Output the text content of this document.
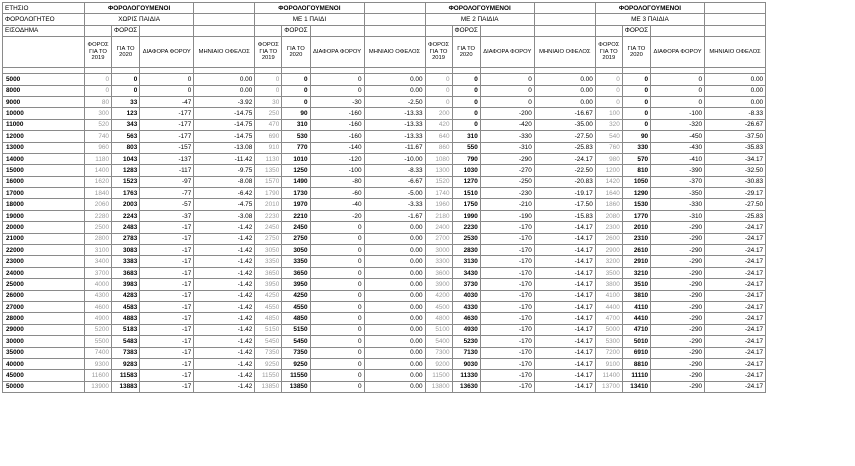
ΕΤΗΣΙΟ	ΦΟΡΟΛΟΓΟΥΜΕΝΟΙ				ΦΟΡΟΛΟΓΟΥΜΕΝΟΙ				ΦΟΡΟΛΟΓΟΥΜΕΝΟΙ				ΦΟΡΟΛΟΓΟΥΜΕΝΟΙ			
ΦΟΡΟΛΟΓΗΤΕΟ	ΧΩΡΙΣ ΠΑΙΔΙΑ				ΜΕ 1 ΠΑΙΔΙ				ΜΕ 2 ΠΑΙΔΙΑ				ΜΕ 3 ΠΑΙΔΙΑ			
ΕΙΣΟΔΗΜΑ		ΦΟΡΟΣ				ΦΟΡΟΣ				ΦΟΡΟΣ				ΦΟΡΟΣ		
	ΦΟΡΟΣ ΓΙΑ ΤΟ 2019	ΓΙΑ ΤΟ 2020	ΔΙΑΦΟΡΑ ΦΟΡΟΥ	ΜΗΝΙΑΙΟ ΟΦΕΛΟΣ	ΦΟΡΟΣ ΓΙΑ ΤΟ 2019	ΓΙΑ ΤΟ 2020	ΔΙΑΦΟΡΑ ΦΟΡΟΥ	ΜΗΝΙΑΙΟ ΟΦΕΛΟΣ	ΦΟΡΟΣ ΓΙΑ ΤΟ 2019	ΓΙΑ ΤΟ 2020	ΔΙΑΦΟΡΑ ΦΟΡΟΥ	ΜΗΝΙΑΙΟ ΟΦΕΛΟΣ	ΦΟΡΟΣ ΓΙΑ ΤΟ 2019	ΓΙΑ ΤΟ 2020	ΔΙΑΦΟΡΑ ΦΟΡΟΥ	ΜΗΝΙΑΙΟ ΟΦΕΛΟΣ

5000	0	0	0	0.00	0	0	0	0.00	0	0	0	0.00	0	0	0	0.00
8000	0	0	0	0.00	0	0	0	0.00	0	0	0	0.00	0	0	0	0.00
9000	80	33	-47	-3.92	30	0	-30	-2.50	0	0	0	0.00	0	0	0	0.00
10000	300	123	-177	-14.75	250	90	-160	-13.33	200	0	-200	-16.67	100	0	-100	-8.33
11000	520	343	-177	-14.75	470	310	-160	-13.33	420	0	-420	-35.00	320	0	-320	-26.67
12000	740	563	-177	-14.75	690	530	-160	-13.33	640	310	-330	-27.50	540	90	-450	-37.50
13000	960	803	-157	-13.08	910	770	-140	-11.67	860	550	-310	-25.83	760	330	-430	-35.83
14000	1180	1043	-137	-11.42	1130	1010	-120	-10.00	1080	790	-290	-24.17	980	570	-410	-34.17
15000	1400	1283	-117	-9.75	1350	1250	-100	-8.33	1300	1030	-270	-22.50	1200	810	-390	-32.50
16000	1620	1523	-97	-8.08	1570	1490	-80	-6.67	1520	1270	-250	-20.83	1420	1050	-370	-30.83
17000	1840	1763	-77	-6.42	1790	1730	-60	-5.00	1740	1510	-230	-19.17	1640	1290	-350	-29.17
18000	2060	2003	-57	-4.75	2010	1970	-40	-3.33	1960	1750	-210	-17.50	1860	1530	-330	-27.50
19000	2280	2243	-37	-3.08	2230	2210	-20	-1.67	2180	1990	-190	-15.83	2080	1770	-310	-25.83
20000	2500	2483	-17	-1.42	2450	2450	0	0.00	2400	2230	-170	-14.17	2300	2010	-290	-24.17
21000	2800	2783	-17	-1.42	2750	2750	0	0.00	2700	2530	-170	-14.17	2600	2310	-290	-24.17
22000	3100	3083	-17	-1.42	3050	3050	0	0.00	3000	2830	-170	-14.17	2900	2610	-290	-24.17
23000	3400	3383	-17	-1.42	3350	3350	0	0.00	3300	3130	-170	-14.17	3200	2910	-290	-24.17
24000	3700	3683	-17	-1.42	3650	3650	0	0.00	3600	3430	-170	-14.17	3500	3210	-290	-24.17
25000	4000	3983	-17	-1.42	3950	3950	0	0.00	3900	3730	-170	-14.17	3800	3510	-290	-24.17
26000	4300	4283	-17	-1.42	4250	4250	0	0.00	4200	4030	-170	-14.17	4100	3810	-290	-24.17
27000	4600	4583	-17	-1.42	4550	4550	0	0.00	4500	4330	-170	-14.17	4400	4110	-290	-24.17
28000	4900	4883	-17	-1.42	4850	4850	0	0.00	4800	4630	-170	-14.17	4700	4410	-290	-24.17
29000	5200	5183	-17	-1.42	5150	5150	0	0.00	5100	4930	-170	-14.17	5000	4710	-290	-24.17
30000	5500	5483	-17	-1.42	5450	5450	0	0.00	5400	5230	-170	-14.17	5300	5010	-290	-24.17
35000	7400	7383	-17	-1.42	7350	7350	0	0.00	7300	7130	-170	-14.17	7200	6910	-290	-24.17
40000	9300	9283	-17	-1.42	9250	9250	0	0.00	9200	9030	-170	-14.17	9100	8810	-290	-24.17
45000	11600	11583	-17	-1.42	11550	11550	0	0.00	11500	11330	-170	-14.17	11400	11110	-290	-24.17
50000	13900	13883	-17	-1.42	13850	13850	0	0.00	13800	13630	-170	-14.17	13700	13410	-290	-24.17
